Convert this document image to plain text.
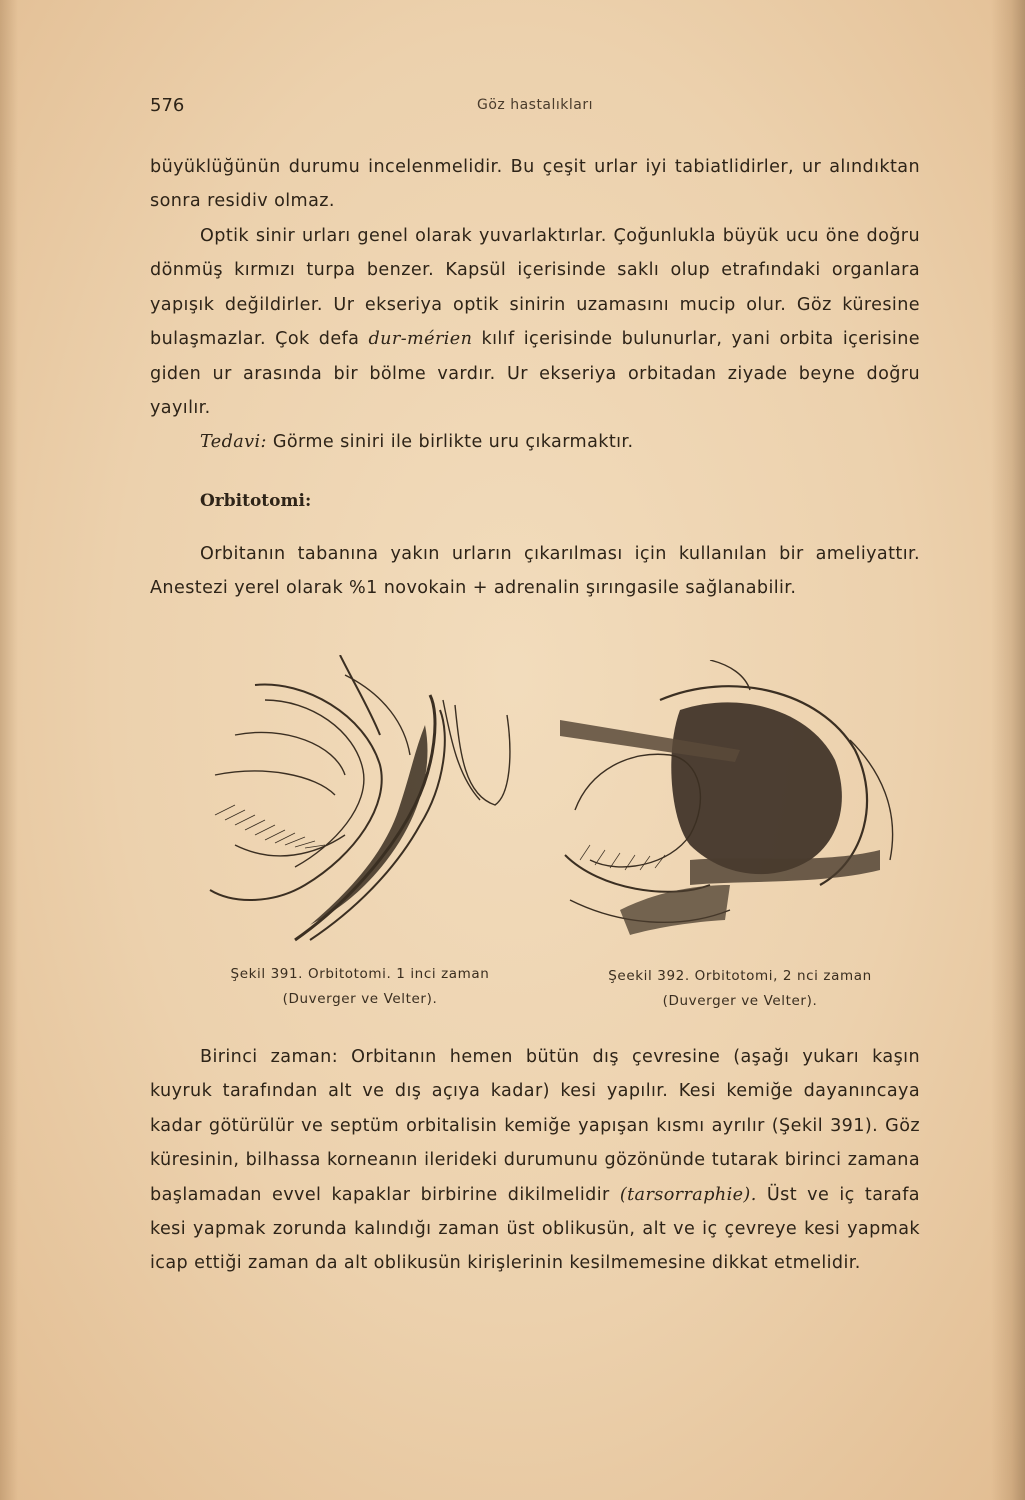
576	Göz hastalıkları

büyüklüğünün durumu incelenmelidir. Bu çeşit urlar iyi tabiatlidirler, ur alındıktan sonra residiv olmaz.

Optik sinir urları genel olarak yuvarlaktırlar. Çoğunlukla büyük ucu öne doğru dönmüş kırmızı turpa benzer. Kapsül içerisinde saklı olup etrafındaki organlara yapışık değildirler. Ur ekseriya optik sinirin uzamasını mucip olur. Göz küresine bulaşmazlar. Çok defa dur-mérien kılıf içerisinde bulunurlar, yani orbita içerisine giden ur arasında bir bölme vardır. Ur ekseriya orbitadan ziyade beyne doğru yayılır.

Tedavi: Görme siniri ile birlikte uru çıkarmaktır.

Orbitotomi:

Orbitanın tabanına yakın urların çıkarılması için kullanılan bir ameliyattır. Anestezi yerel olarak %1 novokain + adrenalin şırıngasile sağlanabilir.

Şekil 391. Orbitotomi. 1 inci zaman
(Duverger ve Velter).
Şeekil 392. Orbitotomi, 2 nci zaman
(Duverger ve Velter).

Birinci zaman: Orbitanın hemen bütün dış çevresine (aşağı yukarı kaşın kuyruk tarafından alt ve dış açıya kadar) kesi yapılır. Kesi kemiğe dayanıncaya kadar götürülür ve septüm orbitalisin kemiğe yapışan kısmı ayrılır (Şekil 391). Göz küresinin, bilhassa korneanın ilerideki durumunu gözönünde tutarak birinci zamana başlamadan evvel kapaklar birbirine dikilmelidir (tarsorraphie). Üst ve iç tarafa kesi yapmak zorunda kalındığı zaman üst oblikusün, alt ve iç çevreye kesi yapmak icap ettiği zaman da alt oblikusün kirişlerinin kesilmemesine dikkat etmelidir.
